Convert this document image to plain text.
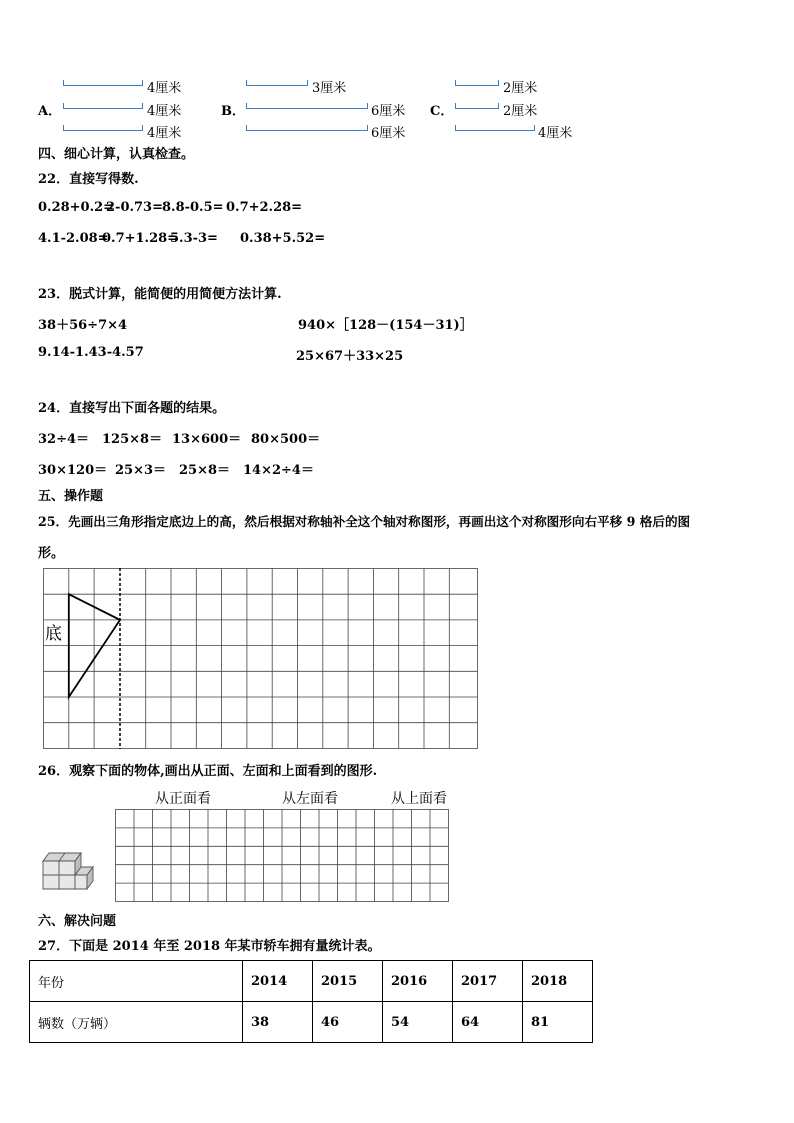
4厘米
A．	4厘米
4厘米
3厘米
B．	6厘米
6厘米
2厘米
C．	2厘米
4厘米
四、细心计算，认真检查。
22．直接写得数.
0.28+0.2=
2-0.73= 8.8-0.5= 0.7+2.28=
4.1-2.08=
0.7+1.28=
5.3-3= 0.38+5.52=
23．脱式计算，能简便的用简便方法计算.
38＋56÷7×4	940×［128－(154－31)］
9.14-1.43-4.57	25×67＋33×25
24．直接写出下面各题的结果。
32÷4＝ 125×8＝ 13×600＝ 80×500＝
30×120＝ 25×3＝ 25×8＝ 14×2÷4＝
五、操作题
25．先画出三角形指定底边上的高，然后根据对称轴补全这个轴对称图形，再画出这个对称图形向右平移 9 格后的图
形。
底
26．观察下面的物体,画出从正面、左面和上面看到的图形.
从正面看	从左面看	从上面看
六、解决问题
27．下面是 2014 年至 2018 年某市轿车拥有量统计表。
年份	2014	2015	2016	2017	2018
辆数（万辆）	38	46	54	64	81
